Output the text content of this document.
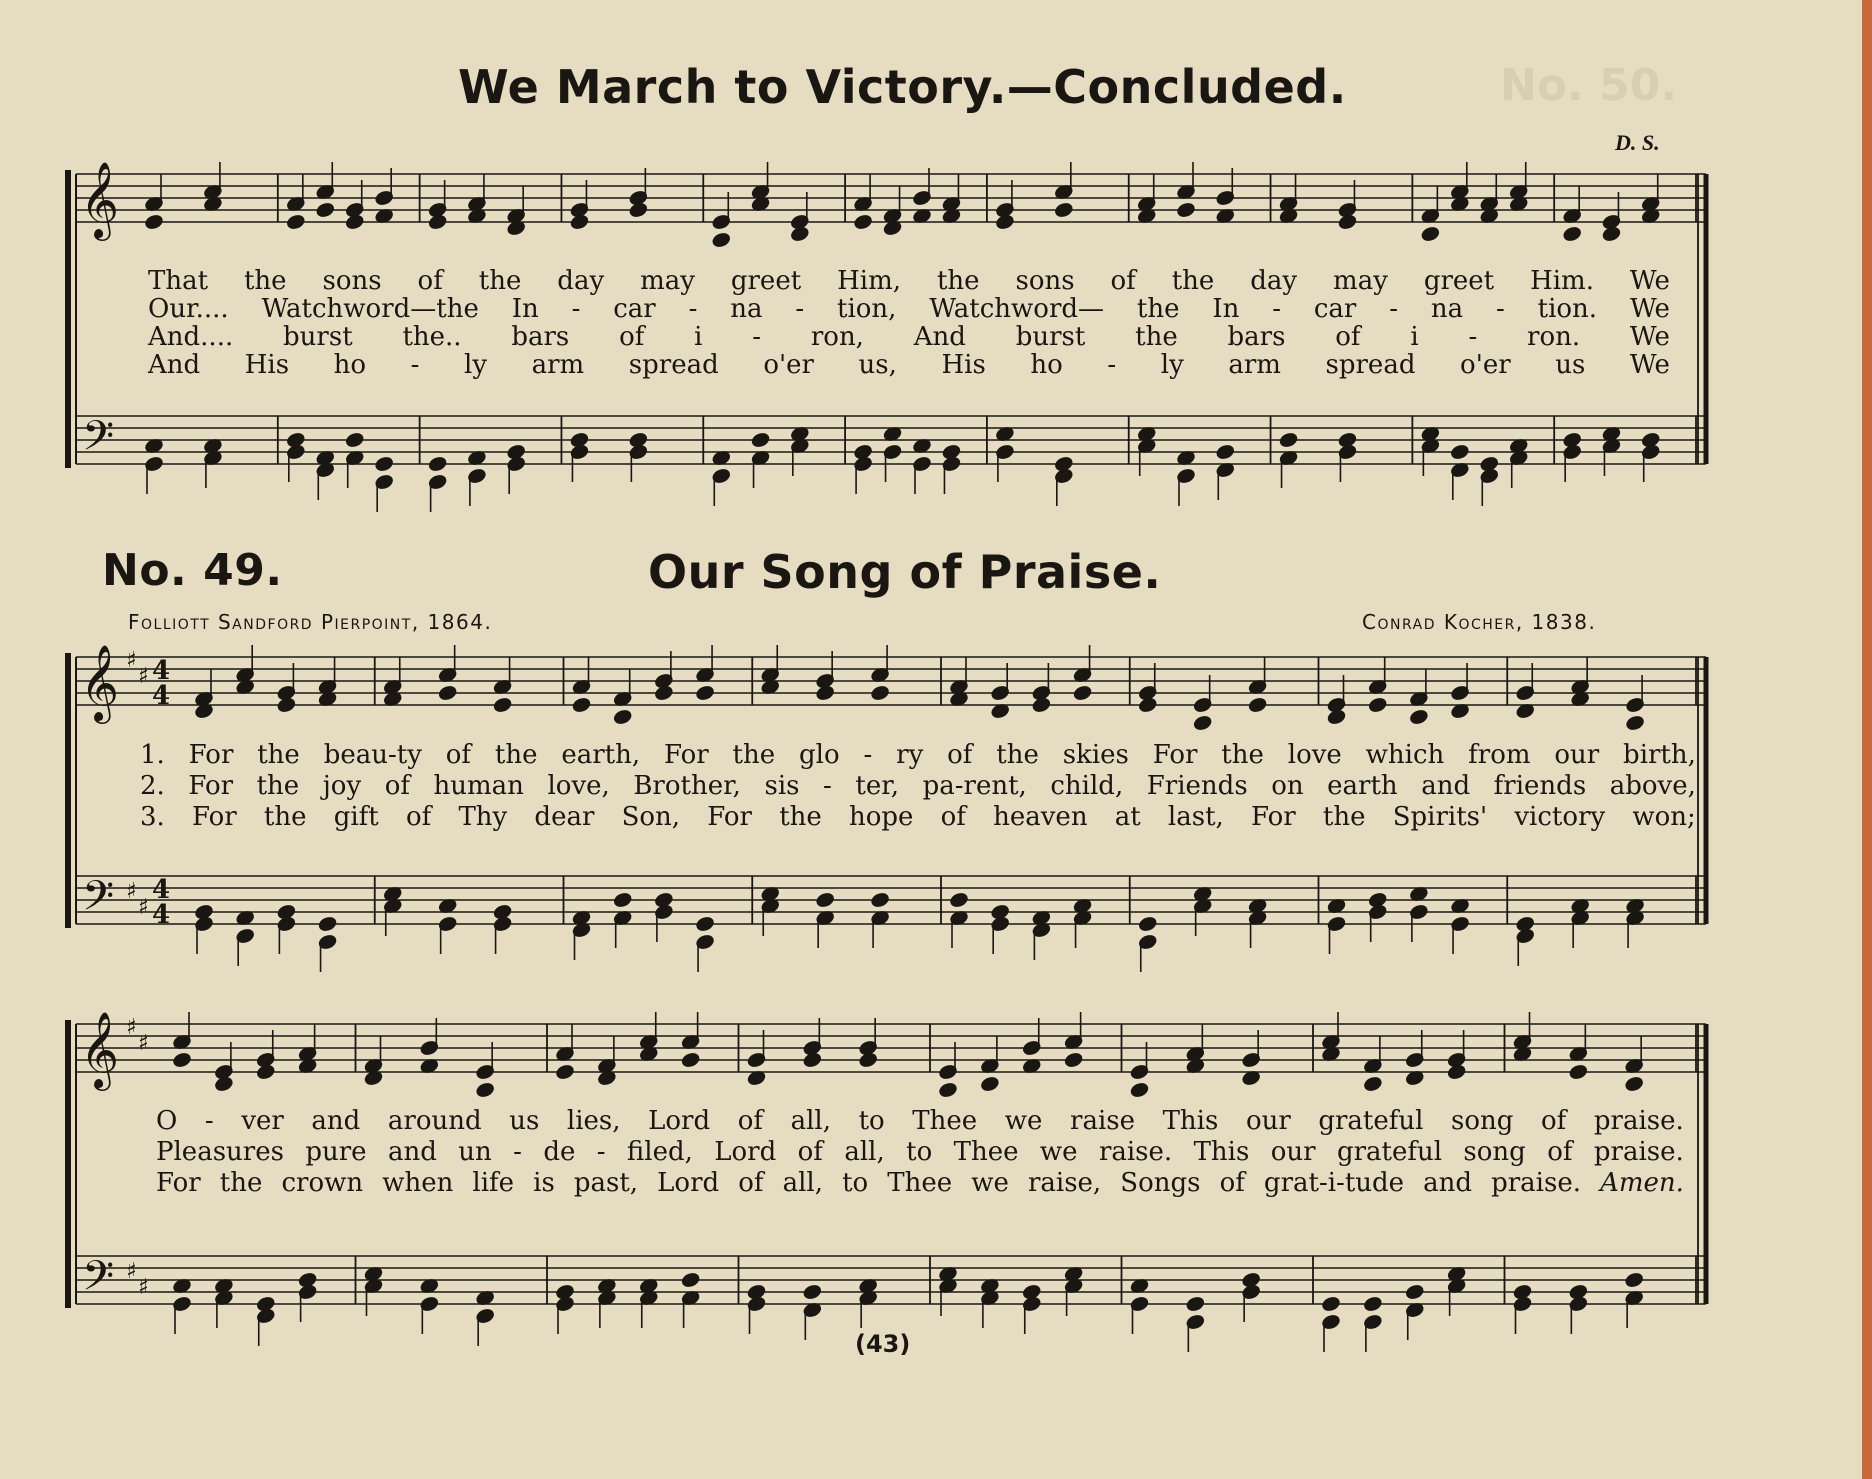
No. 50.
We March to Victory.—Concluded.
D. S.
No. 49.	Our Song of Praise.
Folliott Sandford Pierpoint, 1864.	Conrad Kocher, 1838.
𝄞
𝄢
𝄞
𝄢
♯
♯
♯
♯
4
4
4
4
𝄞
𝄢
♯
♯
♯
♯
That the sons of the day may greet Him, the sons of the day may greet Him. We
Our.... Watchword—the In - car - na - tion, Watchword— the In - car - na - tion. We
And.... burst the.. bars of i - ron, And burst the bars of i - ron. We
And His ho - ly arm spread o'er us, His ho - ly arm spread o'er us We
1. For the beau-ty of the earth, For the glo - ry of the skies For the love which from our birth,
2. For the joy of human love, Brother, sis - ter, pa-rent, child, Friends on earth and friends above,
3. For the gift of Thy dear Son, For the hope of heaven at last, For the Spirits' victory won;
O - ver and around us lies, Lord of all, to Thee we raise This our grateful song of praise.
Pleasures pure and un - de - filed, Lord of all, to Thee we raise. This our grateful song of praise.
For the crown when life is past, Lord of all, to Thee we raise, Songs of grat-i-tude and praise. Amen.
(43)
